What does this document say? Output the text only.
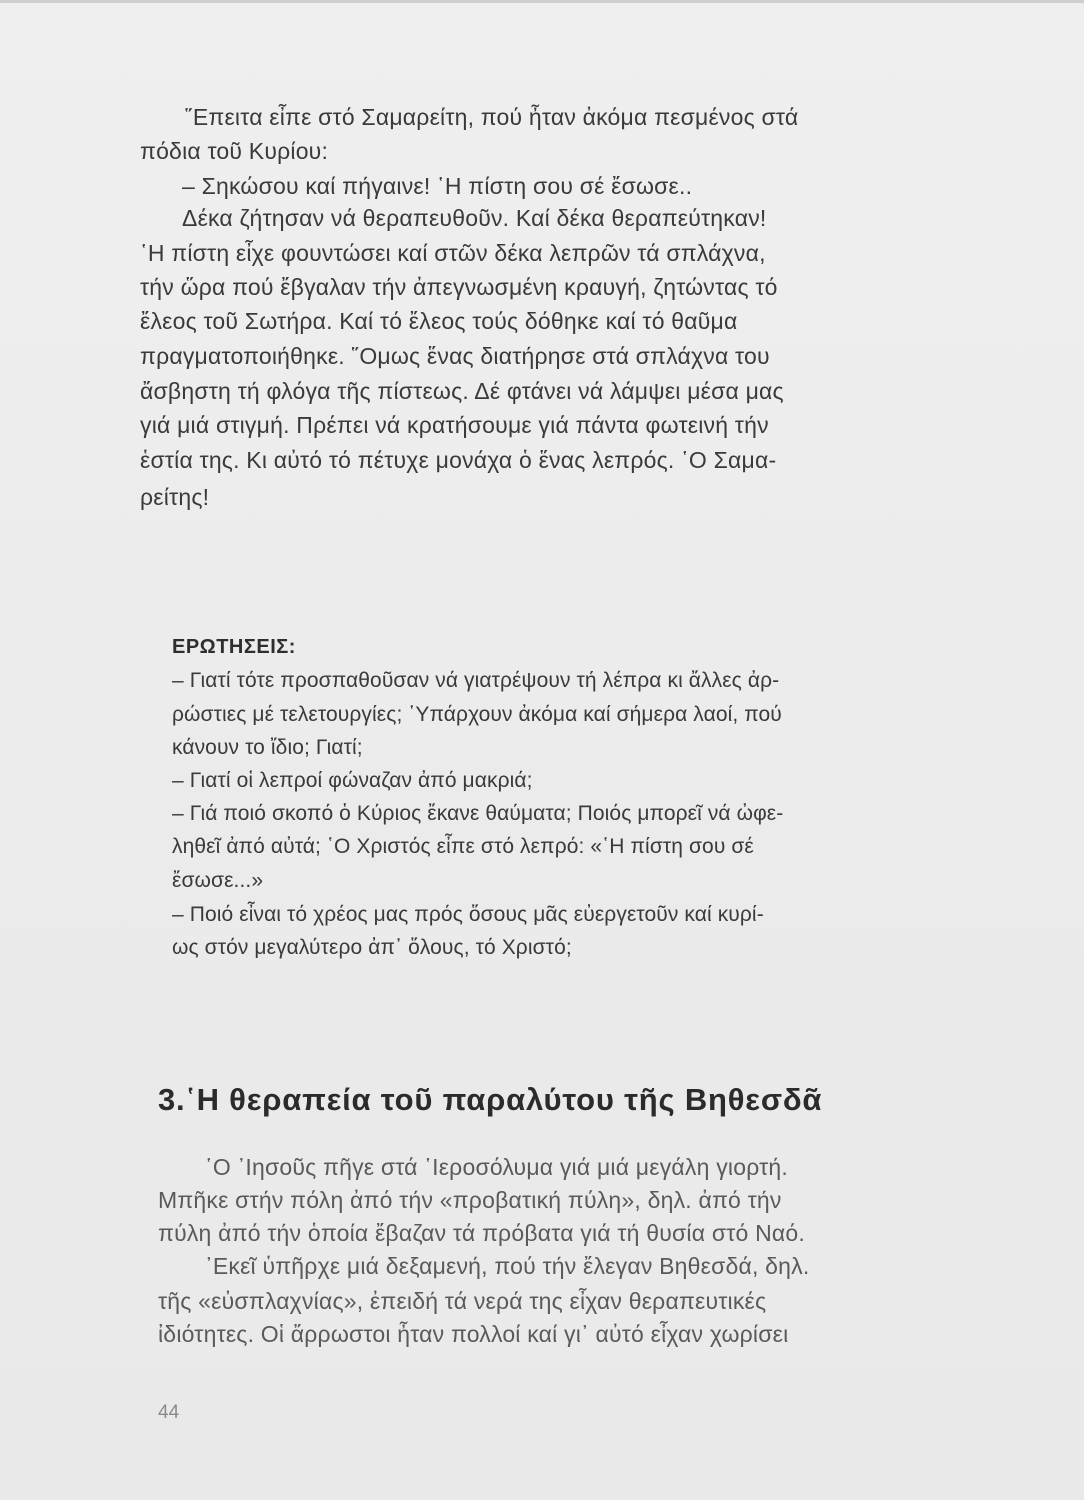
῞Επειτα εἶπε στό Σαμαρείτη, πού ἦταν ἀκόμα πεσμένος στά
πόδια τοῦ Κυρίου:
– Σηκώσου καί πήγαινε! ῾Η πίστη σου σέ ἔσωσε..
Δέκα ζήτησαν νά θεραπευθοῦν. Καί δέκα θεραπεύτηκαν!
῾Η πίστη εἶχε φουντώσει καί στῶν δέκα λεπρῶν τά σπλάχνα,
τήν ὥρα πού ἔβγαλαν τήν ἀπεγνωσμένη κραυγή, ζητώντας τό
ἔλεος τοῦ Σωτήρα. Καί τό ἔλεος τούς δόθηκε καί τό θαῦμα
πραγματοποιήθηκε. ῞Ομως ἕνας διατήρησε στά σπλάχνα του
ἄσβηστη τή φλόγα τῆς πίστεως. Δέ φτάνει νά λάμψει μέσα μας
γιά μιά στιγμή. Πρέπει νά κρατήσουμε γιά πάντα φωτεινή τήν
ἑστία της. Κι αὐτό τό πέτυχε μονάχα ὁ ἕνας λεπρός. ῾Ο Σαμα-
ρείτης!
ΕΡΩΤΗΣΕΙΣ:
– Γιατί τότε προσπαθοῦσαν νά γιατρέψουν τή λέπρα κι ἄλλες ἀρ-
ρώστιες μέ τελετουργίες; ῾Υπάρχουν ἀκόμα καί σήμερα λαοί, πού
κάνουν το ἴδιο; Γιατί;
– Γιατί οἱ λεπροί φώναζαν ἀπό μακριά;
– Γιά ποιό σκοπό ὁ Κύριος ἔκανε θαύματα; Ποιός μπορεῖ νά ὠφε-
ληθεῖ ἀπό αὐτά; ῾Ο Χριστός εἶπε στό λεπρό: «῾Η πίστη σου σέ
ἔσωσε...»
– Ποιό εἶναι τό χρέος μας πρός ὅσους μᾶς εὐεργετοῦν καί κυρί-
ως στόν μεγαλύτερο ἀπ᾿ ὅλους, τό Χριστό;
3.῾Η θεραπεία τοῦ παραλύτου τῆς Βηθεσδᾶ
῾Ο ᾿Ιησοῦς πῆγε στά ῾Ιεροσόλυμα γιά μιά μεγάλη γιορτή.
Μπῆκε στήν πόλη ἀπό τήν «προβατική πύλη», δηλ. ἀπό τήν
πύλη ἀπό τήν ὁποία ἔβαζαν τά πρόβατα γιά τή θυσία στό Ναό.
᾿Εκεῖ ὑπῆρχε μιά δεξαμενή, πού τήν ἔλεγαν Βηθεσδά, δηλ.
τῆς «εὐσπλαχνίας», ἐπειδή τά νερά της εἶχαν θεραπευτικές
ἰδιότητες. Οἱ ἄρρωστοι ἦταν πολλοί καί γι᾿ αὐτό εἶχαν χωρίσει
44
